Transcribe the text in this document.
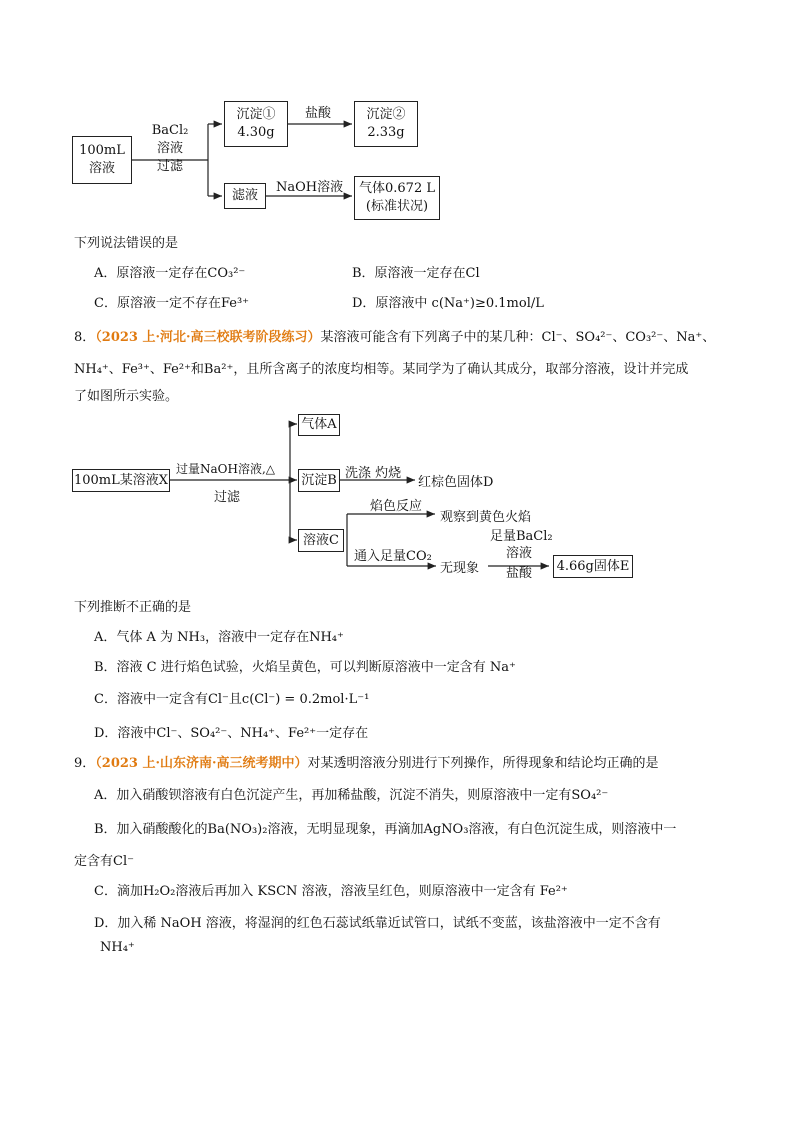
100mL
溶液
BaCl₂
溶液
过滤
沉淀①
4.30g
盐酸	沉淀②
2.33g
滤液
NaOH溶液	气体0.672 L
(标准状况)
下列说法错误的是
A．原溶液一定存在CO₃²⁻	B．原溶液一定存在Cl
C．原溶液一定不存在Fe³⁺	D．原溶液中 c(Na⁺)≥0.1mol/L
8．（2023 上·河北·高三校联考阶段练习）某溶液可能含有下列离子中的某几种：Cl⁻、SO₄²⁻、CO₃²⁻、Na⁺、
NH₄⁺、Fe³⁺、Fe²⁺和Ba²⁺，且所含离子的浓度均相等。某同学为了确认其成分，取部分溶液，设计并完成
了如图所示实验。
100mL某溶液X
过量NaOH溶液,△
过滤
气体A
沉淀B 洗涤 灼烧
红棕色固体D
溶液C
焰色反应
观察到黄色火焰
通入足量CO₂
无现象
足量BaCl₂
溶液
盐酸	4.66g固体E
下列推断不正确的是
A．气体 A 为 NH₃，溶液中一定存在NH₄⁺
B．溶液 C 进行焰色试验，火焰呈黄色，可以判断原溶液中一定含有 Na⁺
C．溶液中一定含有Cl⁻且c(Cl⁻) = 0.2mol·L⁻¹
D．溶液中Cl⁻、SO₄²⁻、NH₄⁺、Fe²⁺一定存在
9．（2023 上·山东济南·高三统考期中）对某透明溶液分别进行下列操作，所得现象和结论均正确的是
A．加入硝酸钡溶液有白色沉淀产生，再加稀盐酸，沉淀不消失，则原溶液中一定有SO₄²⁻
B．加入硝酸酸化的Ba(NO₃)₂溶液，无明显现象，再滴加AgNO₃溶液，有白色沉淀生成，则溶液中一
定含有Cl⁻
C．滴加H₂O₂溶液后再加入 KSCN 溶液，溶液呈红色，则原溶液中一定含有 Fe²⁺
D．加入稀 NaOH 溶液，将湿润的红色石蕊试纸靠近试管口，试纸不变蓝，该盐溶液中一定不含有
NH₄⁺
